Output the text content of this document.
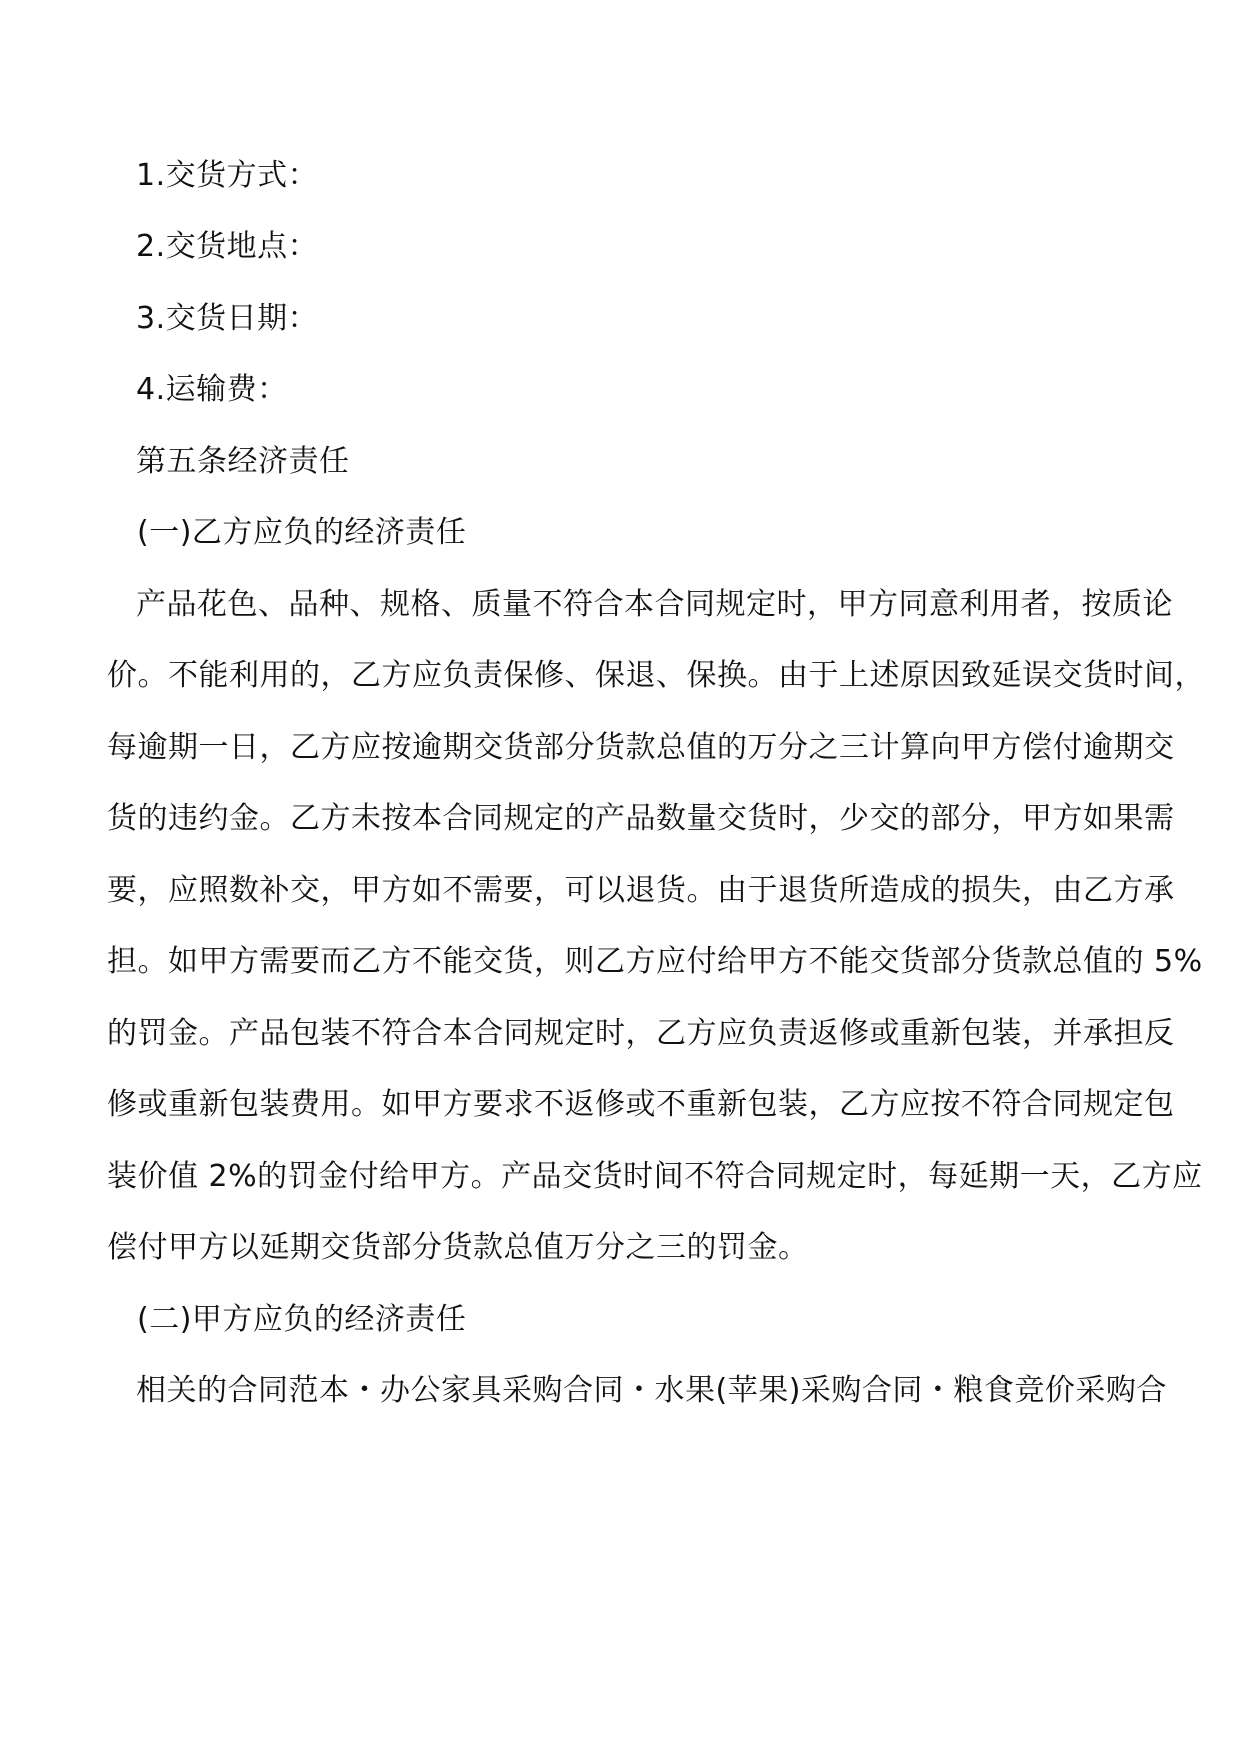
1.交货方式：
2.交货地点：
3.交货日期：
4.运输费：
第五条经济责任
(一)乙方应负的经济责任
产品花色、品种、规格、质量不符合本合同规定时，甲方同意利用者，按质论
价。不能利用的，乙方应负责保修、保退、保换。由于上述原因致延误交货时间，
每逾期一日，乙方应按逾期交货部分货款总值的万分之三计算向甲方偿付逾期交
货的违约金。乙方未按本合同规定的产品数量交货时，少交的部分，甲方如果需
要，应照数补交，甲方如不需要，可以退货。由于退货所造成的损失，由乙方承
担。如甲方需要而乙方不能交货，则乙方应付给甲方不能交货部分货款总值的 5%
的罚金。产品包装不符合本合同规定时，乙方应负责返修或重新包装，并承担反
修或重新包装费用。如甲方要求不返修或不重新包装，乙方应按不符合同规定包
装价值 2%的罚金付给甲方。产品交货时间不符合同规定时，每延期一天，乙方应
偿付甲方以延期交货部分货款总值万分之三的罚金。
(二)甲方应负的经济责任
相关的合同范本・办公家具采购合同・水果(苹果)采购合同・粮食竞价采购合
